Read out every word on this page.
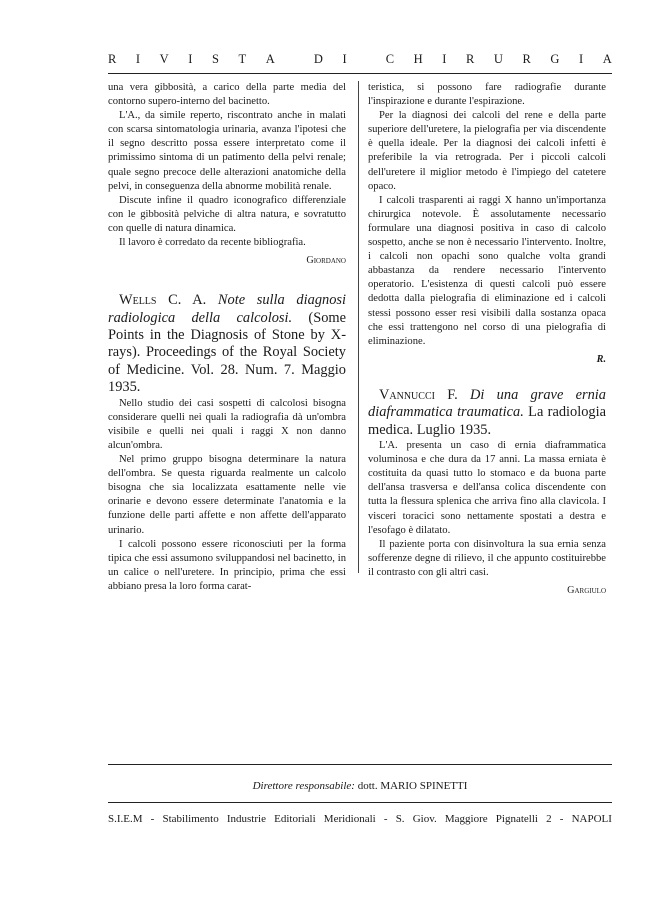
R I V I S T A	D I	C H I R U R G I A

una vera gibbosità, a carico della parte media del contorno supero-interno del bacinetto.

L'A., da simile reperto, riscontrato anche in malati con scarsa sintomatologia urinaria, avanza l'ipotesi che il segno descritto possa essere interpretato come il primissimo sintoma di un patimento della pelvi renale; quale segno precoce delle alterazioni anatomiche della pelvi, in conseguenza della abnorme mobilità renale.

Discute infine il quadro iconografico differenziale con le gibbosità pelviche di altra natura, e sovratutto con quelle di natura dinamica.

Il lavoro è corredato da recente bibliografia.

Giordano

Wells C. A. Note sulla diagnosi radiologica della calcolosi. (Some Points in the Diagnosis of Stone by X-rays). Proceedings of the Royal Society of Medicine. Vol. 28. Num. 7. Maggio 1935.

Nello studio dei casi sospetti di calcolosi bisogna considerare quelli nei quali la radiografia dà un'ombra visibile e quelli nei quali i raggi X non danno alcun'ombra.

Nel primo gruppo bisogna determinare la natura dell'ombra. Se questa riguarda realmente un calcolo bisogna che sia localizzata esattamente nelle vie orinarie e devono essere determinate l'anatomia e la funzione delle parti affette e non affette dell'apparato urinario.

I calcoli possono essere riconosciuti per la forma tipica che essi assumono sviluppandosi nel bacinetto, in un calice o nell'uretere. In principio, prima che essi abbiano presa la loro forma carat-

teristica, si possono fare radiografie durante l'inspirazione e durante l'espirazione.

Per la diagnosi dei calcoli del rene e della parte superiore dell'uretere, la pielografia per via discendente è quella ideale. Per la diagnosi dei calcoli infetti è preferibile la via retrograda. Per i piccoli calcoli dell'uretere il miglior metodo è l'impiego del catetere opaco.

I calcoli trasparenti ai raggi X hanno un'importanza chirurgica notevole. È assolutamente necessario formulare una diagnosi positiva in caso di calcolo sospetto, anche se non è necessario l'intervento. Inoltre, i calcoli non opachi sono qualche volta grandi abbastanza da rendere necessario l'intervento operatorio. L'esistenza di questi calcoli può essere dedotta dalla pielografia di eliminazione ed i calcoli stessi possono esser resi visibili dalla sostanza opaca che essi trattengono nel corso di una pielografia di eliminazione.

R.

Vannucci F. Di una grave ernia diaframmatica traumatica. La radiologia medica. Luglio 1935.

L'A. presenta un caso di ernia diaframmatica voluminosa e che dura da 17 anni. La massa erniata è costituita da quasi tutto lo stomaco e da buona parte dell'ansa trasversa e dell'ansa colica discendente con tutta la flessura splenica che arriva fino alla clavicola. I visceri toracici sono nettamente spostati a destra e l'esofago è dilatato.

Il paziente porta con disinvoltura la sua ernia senza sofferenze degne di rilievo, il che appunto costituirebbe il contrasto con gli altri casi.

Gargiulo
Direttore responsabile: dott. MARIO SPINETTI
S.I.E.M - Stabilimento Industrie Editoriali Meridionali - S. Giov. Maggiore Pignatelli 2 - NAPOLI
